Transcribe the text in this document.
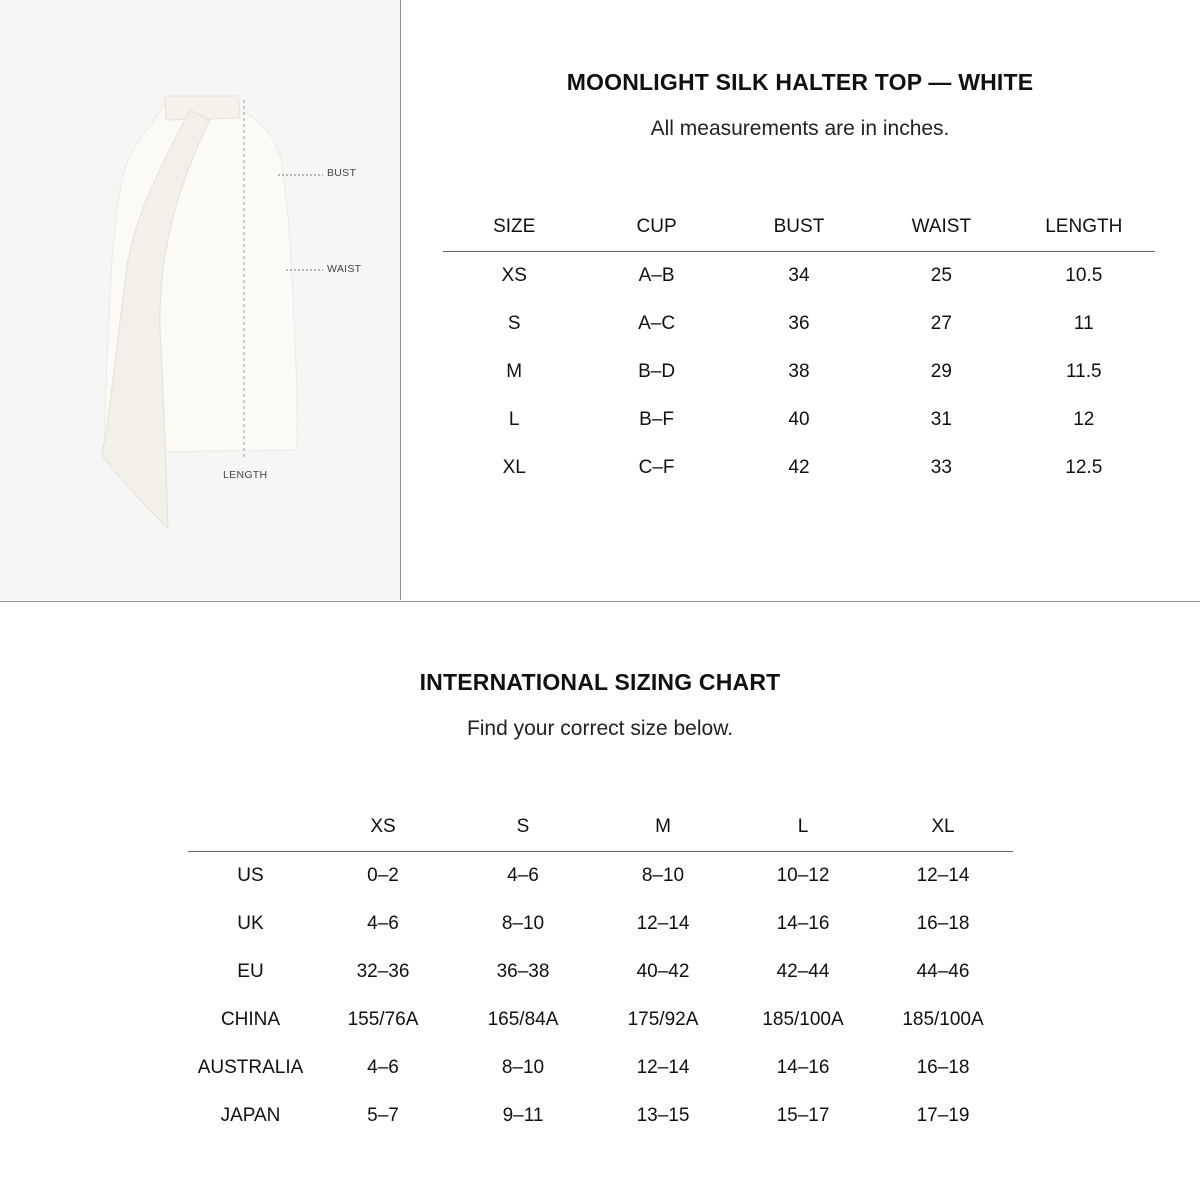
BUST
WAIST
LENGTH
MOONLIGHT SILK HALTER TOP — WHITE
All measurements are in inches.
SIZE	CUP	BUST	WAIST	LENGTH
XS	A–B	34	25	10.5
S	A–C	36	27	11
M	B–D	38	29	11.5
L	B–F	40	31	12
XL	C–F	42	33	12.5
INTERNATIONAL SIZING CHART
Find your correct size below.
	XS	S	M	L	XL
US	0–2	4–6	8–10	10–12	12–14
UK	4–6	8–10	12–14	14–16	16–18
EU	32–36	36–38	40–42	42–44	44–46
CHINA	155/76A	165/84A	175/92A	185/100A	185/100A
AUSTRALIA	4–6	8–10	12–14	14–16	16–18
JAPAN	5–7	9–11	13–15	15–17	17–19
